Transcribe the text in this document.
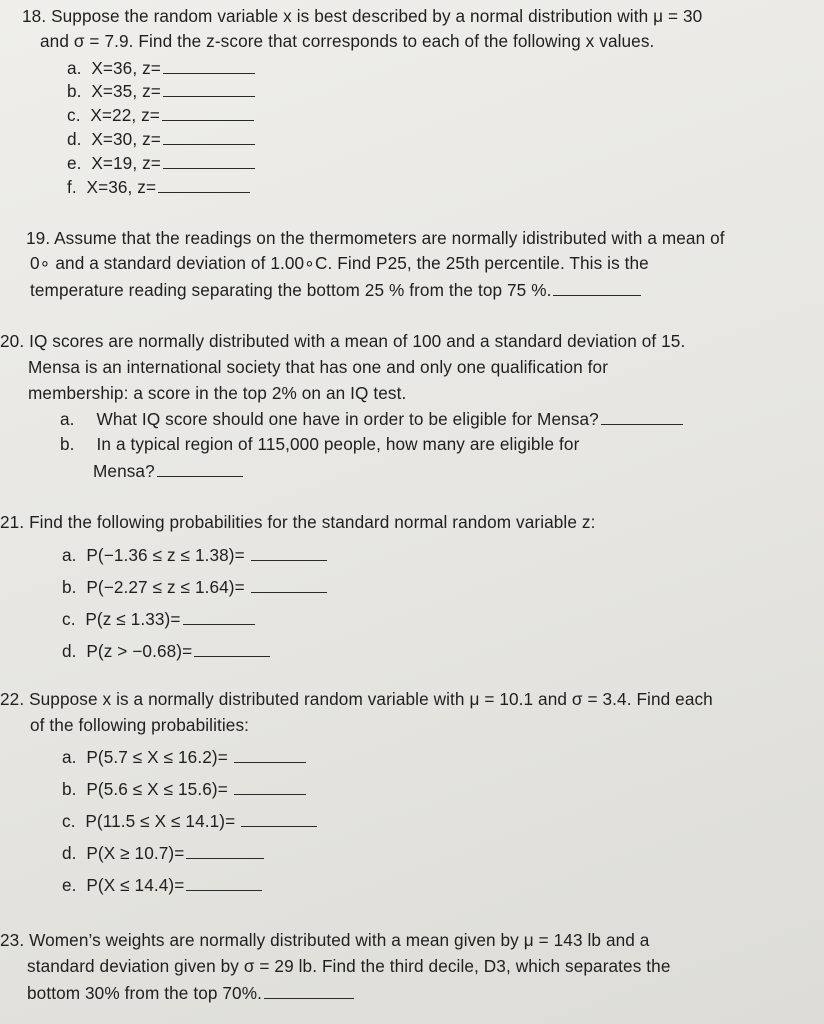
18. Suppose the random variable x is best described by a normal distribution with μ = 30
and σ = 7.9. Find the z-score that corresponds to each of the following x values.
a. X=36, z=
b. X=35, z=
c. X=22, z=
d. X=30, z=
e. X=19, z=
f. X=36, z=
19. Assume that the readings on the thermometers are normally idistributed with a mean of
0∘ and a standard deviation of 1.00∘C. Find P25, the 25th percentile. This is the
temperature reading separating the bottom 25 % from the top 75 %.
20. IQ scores are normally distributed with a mean of 100 and a standard deviation of 15.
Mensa is an international society that has one and only one qualification for
membership: a score in the top 2% on an IQ test.
a. What IQ score should one have in order to be eligible for Mensa?
b. In a typical region of 115,000 people, how many are eligible for
Mensa?
21. Find the following probabilities for the standard normal random variable z:
a. P(−1.36 ≤ z ≤ 1.38)=
b. P(−2.27 ≤ z ≤ 1.64)=
c. P(z ≤ 1.33)=
d. P(z > −0.68)=
22. Suppose x is a normally distributed random variable with μ = 10.1 and σ = 3.4. Find each
of the following probabilities:
a. P(5.7 ≤ X ≤ 16.2)=
b. P(5.6 ≤ X ≤ 15.6)=
c. P(11.5 ≤ X ≤ 14.1)=
d. P(X ≥ 10.7)=
e. P(X ≤ 14.4)=
23. Women’s weights are normally distributed with a mean given by μ = 143 lb and a
standard deviation given by σ = 29 lb. Find the third decile, D3, which separates the
bottom 30% from the top 70%.
